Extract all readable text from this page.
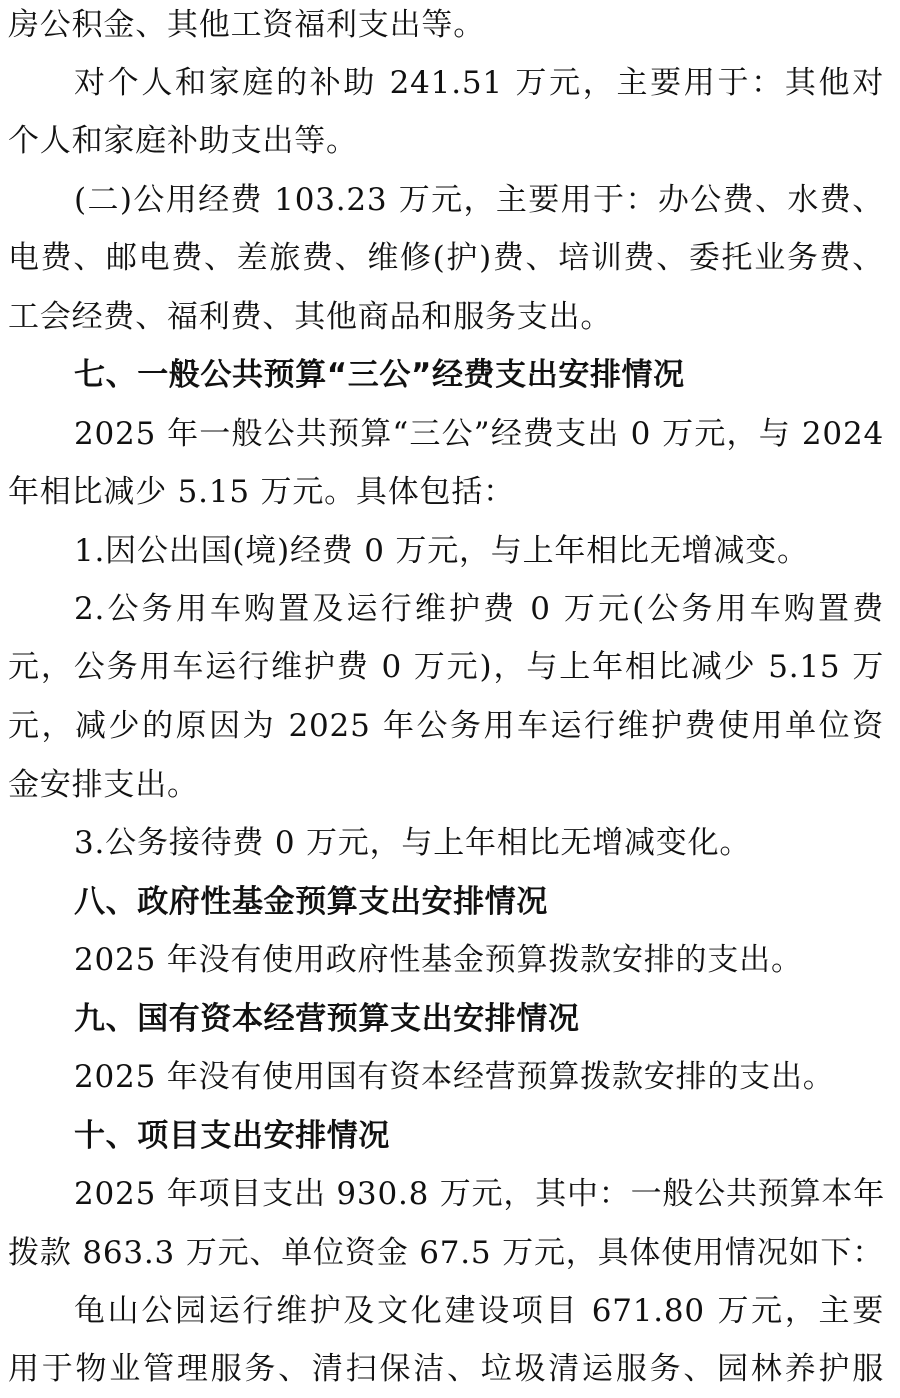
房公积金、其他工资福利支出等。
对个人和家庭的补助 241.51 万元，主要用于：其他对
个人和家庭补助支出等。
(二)公用经费 103.23 万元，主要用于：办公费、水费、
电费、邮电费、差旅费、维修(护)费、培训费、委托业务费、
工会经费、福利费、其他商品和服务支出。
七、一般公共预算“三公”经费支出安排情况
2025 年一般公共预算“三公”经费支出 0 万元，与 2024
年相比减少 5.15 万元。具体包括：
1.因公出国(境)经费 0 万元，与上年相比无增减变。
2.公务用车购置及运行维护费 0 万元(公务用车购置费
元，公务用车运行维护费 0 万元)，与上年相比减少 5.15 万
元，减少的原因为 2025 年公务用车运行维护费使用单位资
金安排支出。
3.公务接待费 0 万元，与上年相比无增减变化。
八、政府性基金预算支出安排情况
2025 年没有使用政府性基金预算拨款安排的支出。
九、国有资本经营预算支出安排情况
2025 年没有使用国有资本经营预算拨款安排的支出。
十、项目支出安排情况
2025 年项目支出 930.8 万元，其中：一般公共预算本年
拨款 863.3 万元、单位资金 67.5 万元，具体使用情况如下：
龟山公园运行维护及文化建设项目 671.80 万元，主要
用于物业管理服务、清扫保洁、垃圾清运服务、园林养护服
